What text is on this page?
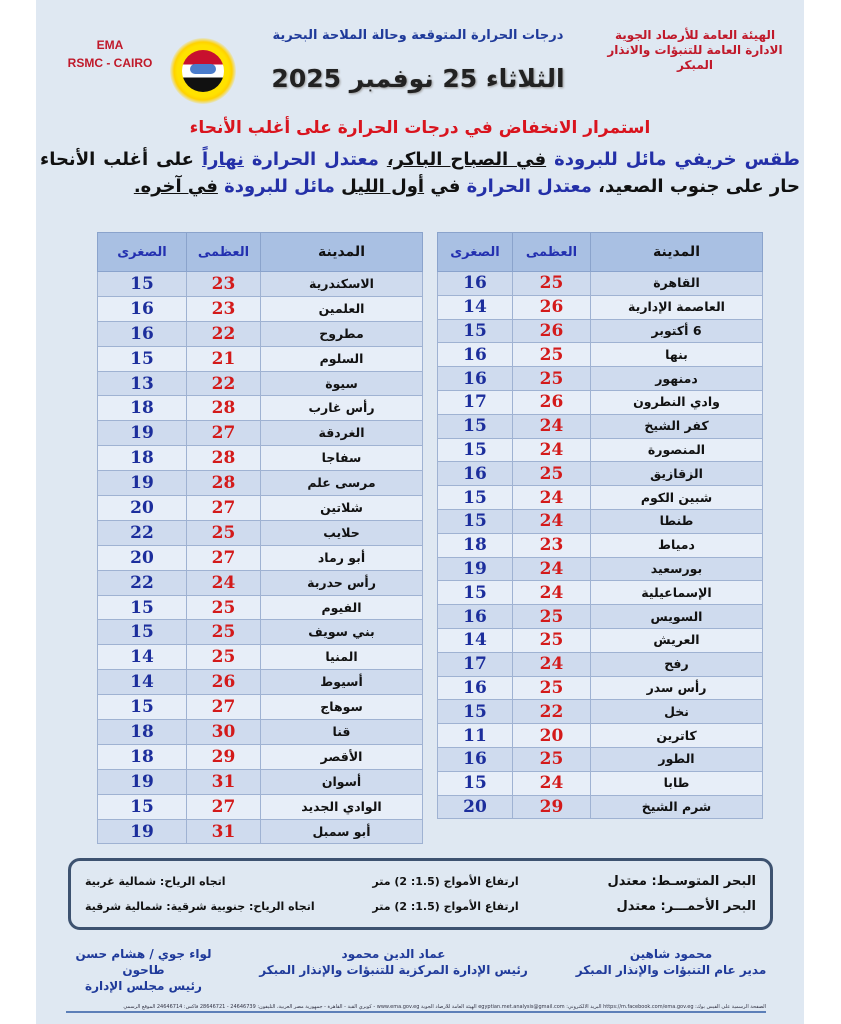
الهيئة العامة للأرصاد الجوية
الادارة العامة للتنبؤات والانذار المبكر
EMA
RSMC - CAIRO
درجات الحرارة المتوقعة وحالة الملاحة البحرية
الثلاثاء 25 نوفمبر 2025
استمرار الانخفاض في درجات الحرارة على أغلب الأنحاء
طقس خريفي مائل للبرودة في الصباح الباكر، معتدل الحرارة نهاراً على أغلب الأنحاء حار على جنوب الصعيد، معتدل الحرارة في أول الليل مائل للبرودة في آخره.
المدينة	العظمى	الصغرى
القاهرة	25	16
العاصمة الإدارية	26	14
6 أكتوبر	26	15
بنها	25	16
دمنهور	25	16
وادي النطرون	26	17
كفر الشيخ	24	15
المنصورة	24	15
الزقازيق	25	16
شبين الكوم	24	15
طنطا	24	15
دمياط	23	18
بورسعيد	24	19
الإسماعيلية	24	15
السويس	25	16
العريش	25	14
رفح	24	17
رأس سدر	25	16
نخل	22	15
كاترين	20	11
الطور	25	16
طابا	24	15
شرم الشيخ	29	20
المدينة	العظمى	الصغرى
الاسكندرية	23	15
العلمين	23	16
مطروح	22	16
السلوم	21	15
سيوة	22	13
رأس غارب	28	18
الغردقة	27	19
سفاجا	28	18
مرسى علم	28	19
شلاتين	27	20
حلايب	25	22
أبو رماد	27	20
رأس حدربة	24	22
الفيوم	25	15
بني سويف	25	15
المنيا	25	14
أسيوط	26	14
سوهاج	27	15
قنا	30	18
الأقصر	29	18
أسوان	31	19
الوادي الجديد	27	15
أبو سمبل	31	19
البحر المتوسـط: معتدل
ارتفاع الأمواج (1.5: 2) متر
اتجاه الرياح: شمالية غربية
البحر الأحمـــر: معتدل
ارتفاع الأمواج (1.5: 2) متر
اتجاه الرياح: جنوبية شرقية: شمالية شرقية
محمود شاهين
مدير عام التنبؤات والإنذار المبكر
عماد الدين محمود
رئيس الإدارة المركزية للتنبؤات والإنذار المبكر
لواء جوي / هشام حسن طاحون
رئيس مجلس الإدارة
الصفحة الرسمية على الفيس بوك: https://m.facebook.com/ema.gov.eg البريد الالكتروني: egyptian.met.analysis@gmail.com الهيئة العامة للأرصاد الجوية www.ema.gov.eg - كوبري القبة - القاهرة - جمهورية مصر العربية، التليفون: 24646739 - 28646721 فاكس: 24646714 الموقع الرسمي
